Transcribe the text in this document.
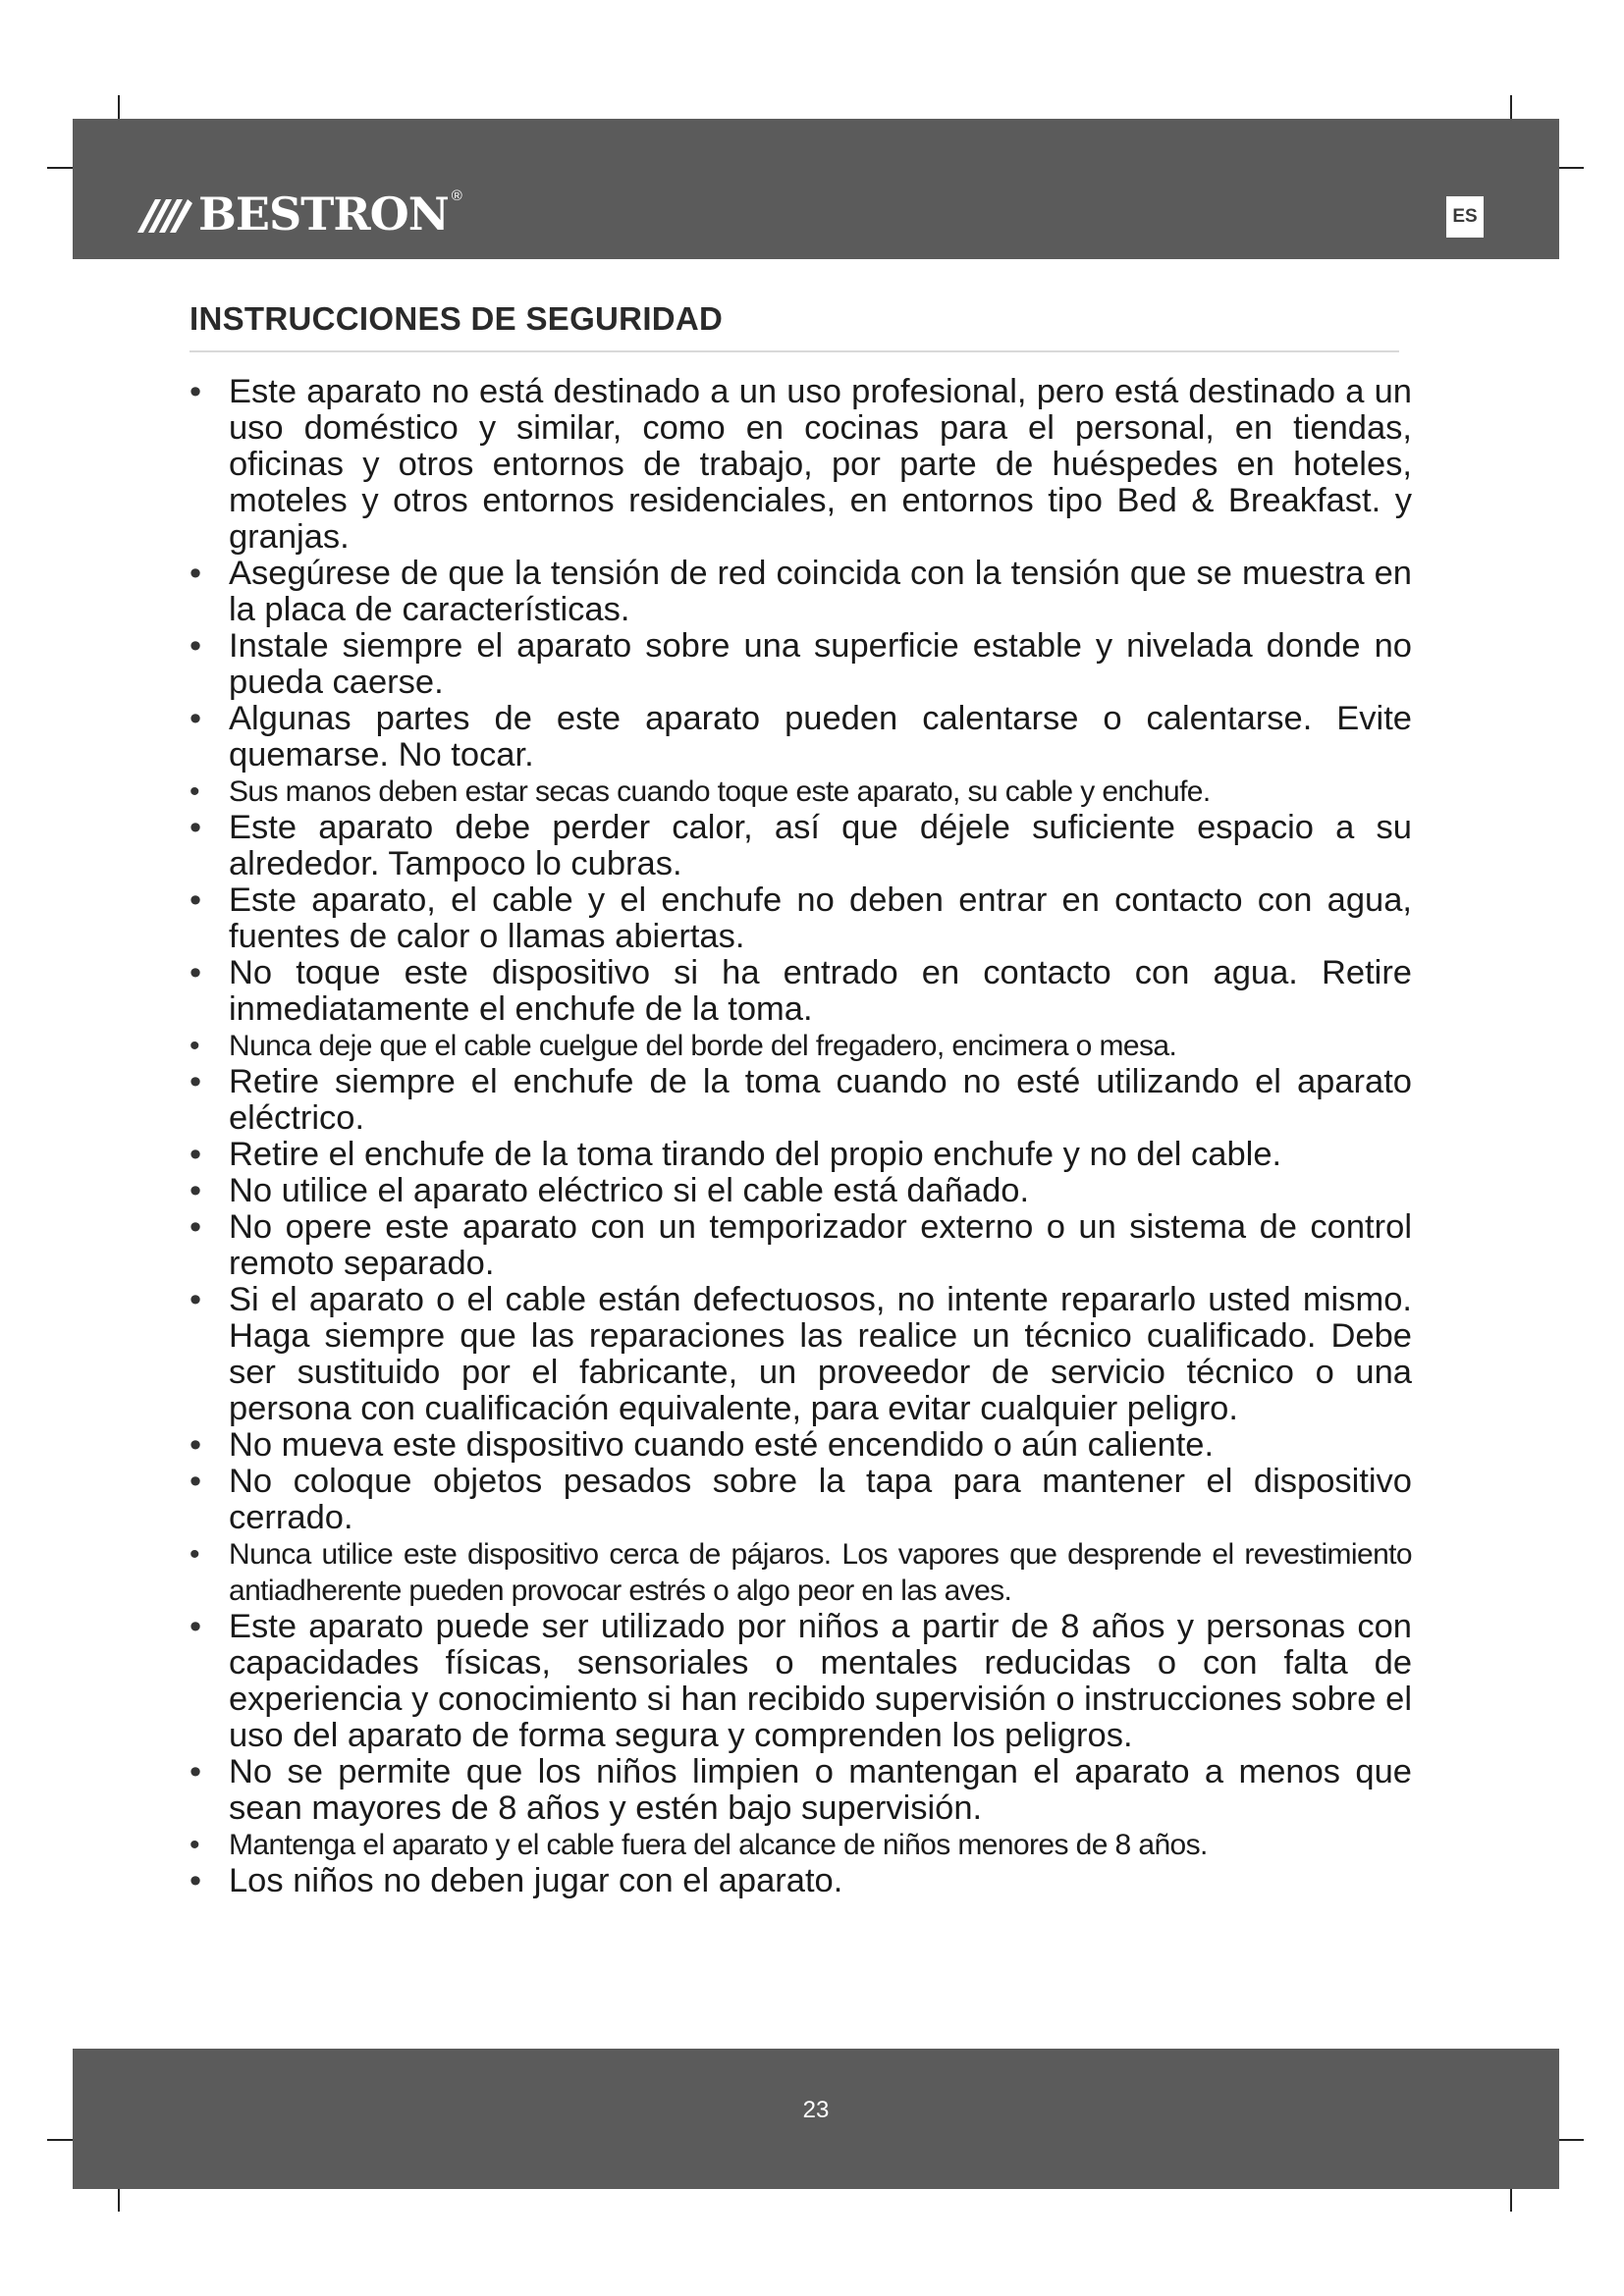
BESTRON ®
ES
INSTRUCCIONES DE SEGURIDAD
• Este aparato no está destinado a un uso profesional, pero está destinado a un uso doméstico y similar, como en cocinas para el personal, en tiendas, oficinas y otros entornos de trabajo, por parte de huéspedes en hoteles, moteles y otros entornos residenciales, en entornos tipo Bed & Breakfast. y granjas.
• Asegúrese de que la tensión de red coincida con la tensión que se muestra en la placa de características.
• Instale siempre el aparato sobre una superficie estable y nivelada donde no pueda caerse.
• Algunas partes de este aparato pueden calentarse o calentarse. Evite quemarse. No tocar.
• Sus manos deben estar secas cuando toque este aparato, su cable y enchufe.
• Este aparato debe perder calor, así que déjele suficiente espacio a su alrededor. Tampoco lo cubras.
• Este aparato, el cable y el enchufe no deben entrar en contacto con agua, fuentes de calor o llamas abiertas.
• No toque este dispositivo si ha entrado en contacto con agua. Retire inmediatamente el enchufe de la toma.
• Nunca deje que el cable cuelgue del borde del fregadero, encimera o mesa.
• Retire siempre el enchufe de la toma cuando no esté utilizando el aparato eléctrico.
• Retire el enchufe de la toma tirando del propio enchufe y no del cable.
• No utilice el aparato eléctrico si el cable está dañado.
• No opere este aparato con un temporizador externo o un sistema de control remoto separado.
• Si el aparato o el cable están defectuosos, no intente repararlo usted mismo. Haga siempre que las reparaciones las realice un técnico cualificado. Debe ser sustituido por el fabricante, un proveedor de servicio técnico o una persona con cualificación equivalente, para evitar cualquier peligro.
• No mueva este dispositivo cuando esté encendido o aún caliente.
• No coloque objetos pesados sobre la tapa para mantener el dispositivo cerrado.
• Nunca utilice este dispositivo cerca de pájaros. Los vapores que desprende el revestimiento antiadherente pueden provocar estrés o algo peor en las aves.
• Este aparato puede ser utilizado por niños a partir de 8 años y personas con capacidades físicas, sensoriales o mentales reducidas o con falta de experiencia y conocimiento si han recibido supervisión o instrucciones sobre el uso del aparato de forma segura y comprenden los peligros.
• No se permite que los niños limpien o mantengan el aparato a menos que sean mayores de 8 años y estén bajo supervisión.
• Mantenga el aparato y el cable fuera del alcance de niños menores de 8 años.
• Los niños no deben jugar con el aparato.
23
